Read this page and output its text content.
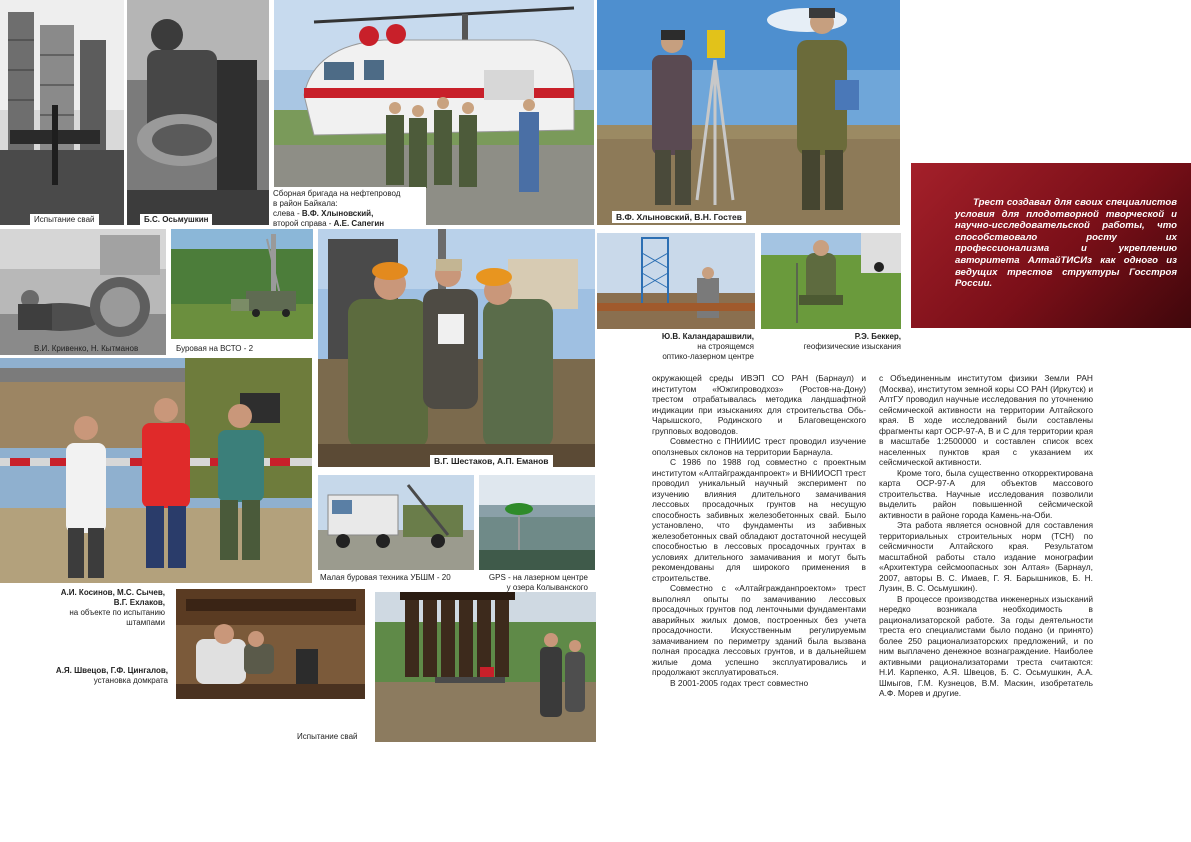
Испытание свай	Б.С. Осьмушкин
Сборная бригада на нефтепровод
в район Байкала:
слева - В.Ф. Хлыновский,
второй справа - А.Е. Сапегин
В.Ф. Хлыновский, В.Н. Гостев
Трест создавал для своих специалистов условия для плодотворной творческой и научно-исследовательской работы, что способствовало росту их профессионализма и укреплению авторитета АлтайТИСИз как одного из ведущих трестов структуры Госстроя России.
В.И. Кривенко, Н. Кытманов	Буровая на ВСТО - 2
В.Г. Шестаков, А.П. Еманов
Ю.В. Каландарашвили,
на строящемся
оптико-лазерном центре
Р.Э. Беккер,
геофизические изыскания
А.И. Косинов, М.С. Сычев,
В.Г. Ехлаков,
на объекте по испытанию
штампами
Малая буровая техника УБШМ - 20	GPS - на лазерном центре
у озера Колыванского
А.Я. Швецов, Г.Ф. Цингалов,
установка домкрата
Испытание свай

окружающей среды ИВЭП СО РАН (Барнаул) и институтом «Южгипроводхоз» (Ростов-на-Дону) трестом отрабатывалась методика ландшафтной индикации при изысканиях для строительства Обь-Чарышского, Родинского и Благовещенского групповых водоводов.

Совместно с ПНИИИС трест проводил изучение оползневых склонов на территории Барнаула.

С 1986 по 1988 год совместно с проектным институтом «Алтайгражданпроект» и ВНИИОСП трест проводил уникальный научный эксперимент по изучению влияния длительного замачивания лессовых просадочных грунтов на несущую способность забивных железобетонных свай. Было установлено, что фундаменты из забивных железобетонных свай обладают достаточной несущей способностью в лессовых просадочных грунтах в условиях длительного замачивания и могут быть рекомендованы для широкого применения в строительстве.

Совместно с «Алтайгражданпроектом» трест выполнял опыты по замачиванию лессовых просадочных грунтов под ленточными фундаментами аварийных жилых домов, построенных без учета просадочности. Искусственным регулируемым замачиванием по периметру зданий была вызвана полная просадка лессовых грунтов, и в дальнейшем жилые дома успешно эксплуатировались и продолжают эксплуатироваться.

В 2001-2005 годах трест совместно

с Объединенным институтом физики Земли РАН (Москва), институтом земной коры СО РАН (Иркутск) и АлтГУ проводил научные исследования по уточнению сейсмической активности на территории Алтайского края. В ходе исследований были составлены фрагменты карт ОСР-97-А, В и С для территории края в масштабе 1:2500000 и составлен список всех населенных пунктов края с указанием их сейсмической активности.

Кроме того, была существенно откорректирована карта ОСР-97-А для объектов массового строительства. Научные исследования позволили выделить район повышенной сейсмической активности в районе города Камень-на-Оби.

Эта работа является основной для составления территориальных строительных норм (ТСН) по сейсмичности Алтайского края. Результатом масштабной работы стало издание монографии «Архитектура сейсмоопасных зон Алтая» (Барнаул, 2007, авторы В. С. Имаев, Г. Я. Барышников, Б. Н. Лузин, В. С. Осьмушкин).

В процессе производства инженерных изысканий нередко возникала необходимость в рационализаторской работе. За годы деятельности треста его специалистами было подано (и принято) более 250 рационализаторских предложений, и по ним выплачено денежное вознаграждение. Наиболее активными рационализаторами треста считаются: Н.И. Карпенко, А.Я. Швецов, Б. С. Осьмушкин, А.А. Шмыгов, Г.М. Кузнецов, В.М. Маскин, изобретатель А.Ф. Морев и другие.
